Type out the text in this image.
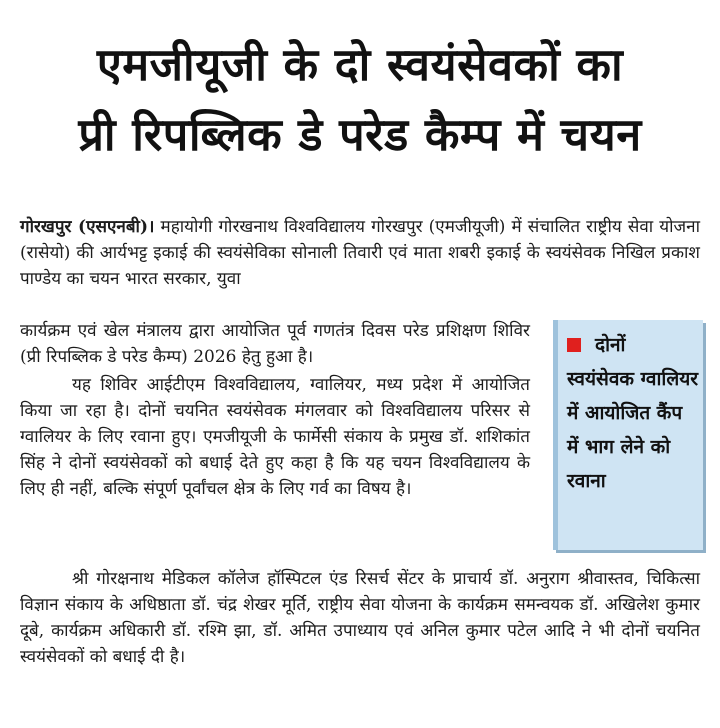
एमजीयूजी के दो स्वयंसेवकों का
प्री रिपब्लिक डे परेड कैम्प में चयन

गोरखपुर (एसएनबी)। महायोगी गोरखनाथ विश्वविद्यालय गोरखपुर (एमजीयूजी) में संचालित राष्ट्रीय सेवा योजना (रासेयो) की आर्यभट्ट इकाई की स्वयंसेविका सोनाली तिवारी एवं माता शबरी इकाई के स्वयंसेवक निखिल प्रकाश पाण्डेय का चयन भारत सरकार, युवा

कार्यक्रम एवं खेल मंत्रालय द्वारा आयोजित पूर्व गणतंत्र दिवस परेड प्रशिक्षण शिविर (प्री रिपब्लिक डे परेड कैम्प) 2026 हेतु हुआ है।

यह शिविर आईटीएम विश्वविद्यालय, ग्वालियर, मध्य प्रदेश में आयोजित किया जा रहा है। दोनों चयनित स्वयंसेवक मंगलवार को विश्वविद्यालय परिसर से ग्वालियर के लिए रवाना हुए। एमजीयूजी के फार्मेसी संकाय के प्रमुख डॉ. शशिकांत सिंह ने दोनों स्वयंसेवकों को बधाई देते हुए कहा है कि यह चयन विश्वविद्यालय के लिए ही नहीं, बल्कि संपूर्ण पूर्वांचल क्षेत्र के लिए गर्व का विषय है।

श्री गोरक्षनाथ मेडिकल कॉलेज हॉस्पिटल एंड रिसर्च सेंटर के प्राचार्य डॉ. अनुराग श्रीवास्तव, चिकित्सा विज्ञान संकाय के अधिष्ठाता डॉ. चंद्र शेखर मूर्ति, राष्ट्रीय सेवा योजना के कार्यक्रम समन्वयक डॉ. अखिलेश कुमार दूबे, कार्यक्रम अधिकारी डॉ. रश्मि झा, डॉ. अमित उपाध्याय एवं अनिल कुमार पटेल आदि ने भी दोनों चयनित स्वयंसेवकों को बधाई दी है।

दोनों स्वयंसेवक ग्वालियर में आयोजित कैंप में भाग लेने को रवाना
